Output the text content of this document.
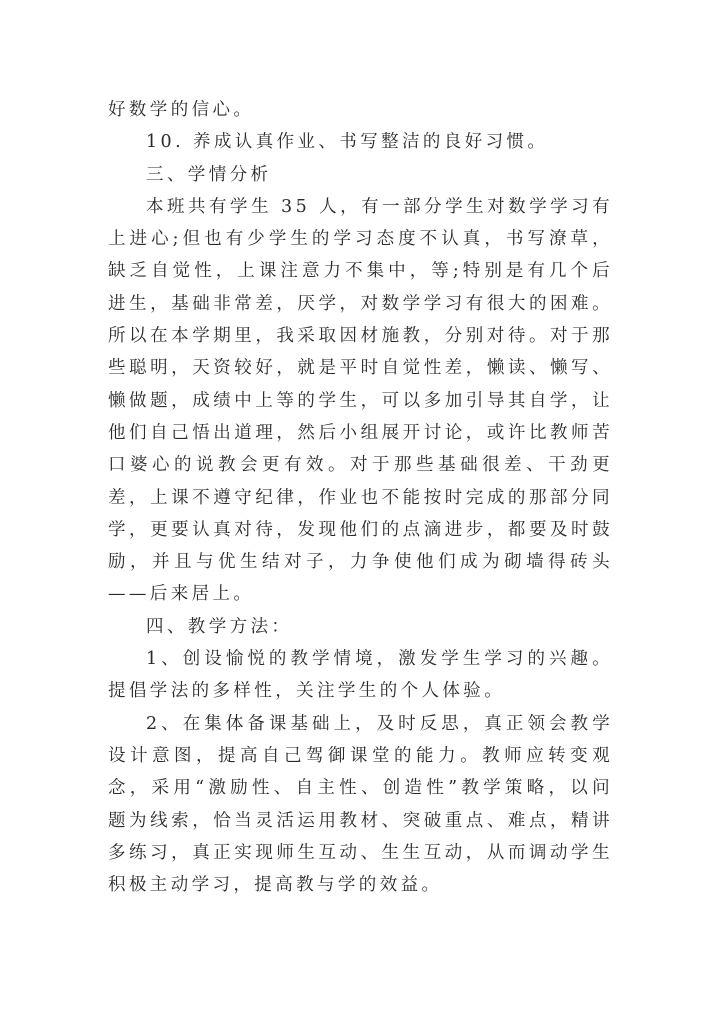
好数学的信心。

10. 养成认真作业、书写整洁的良好习惯。

三、学情分析

本班共有学生 35 人，有一部分学生对数学学习有上进心;但也有少学生的学习态度不认真，书写潦草，缺乏自觉性，上课注意力不集中，等;特别是有几个后进生，基础非常差，厌学，对数学学习有很大的困难。所以在本学期里，我采取因材施教，分别对待。对于那些聪明，天资较好，就是平时自觉性差，懒读、懒写、懒做题，成绩中上等的学生，可以多加引导其自学，让他们自己悟出道理，然后小组展开讨论，或许比教师苦口婆心的说教会更有效。对于那些基础很差、干劲更差，上课不遵守纪律，作业也不能按时完成的那部分同学，更要认真对待，发现他们的点滴进步，都要及时鼓励，并且与优生结对子，力争使他们成为砌墙得砖头——后来居上。

四、教学方法：

1、创设愉悦的教学情境，激发学生学习的兴趣。提倡学法的多样性，关注学生的个人体验。

2、在集体备课基础上，及时反思，真正领会教学设计意图，提高自己驾御课堂的能力。教师应转变观念，采用“激励性、自主性、创造性”教学策略，以问题为线索，恰当灵活运用教材、突破重点、难点，精讲多练习，真正实现师生互动、生生互动，从而调动学生积极主动学习，提高教与学的效益。
